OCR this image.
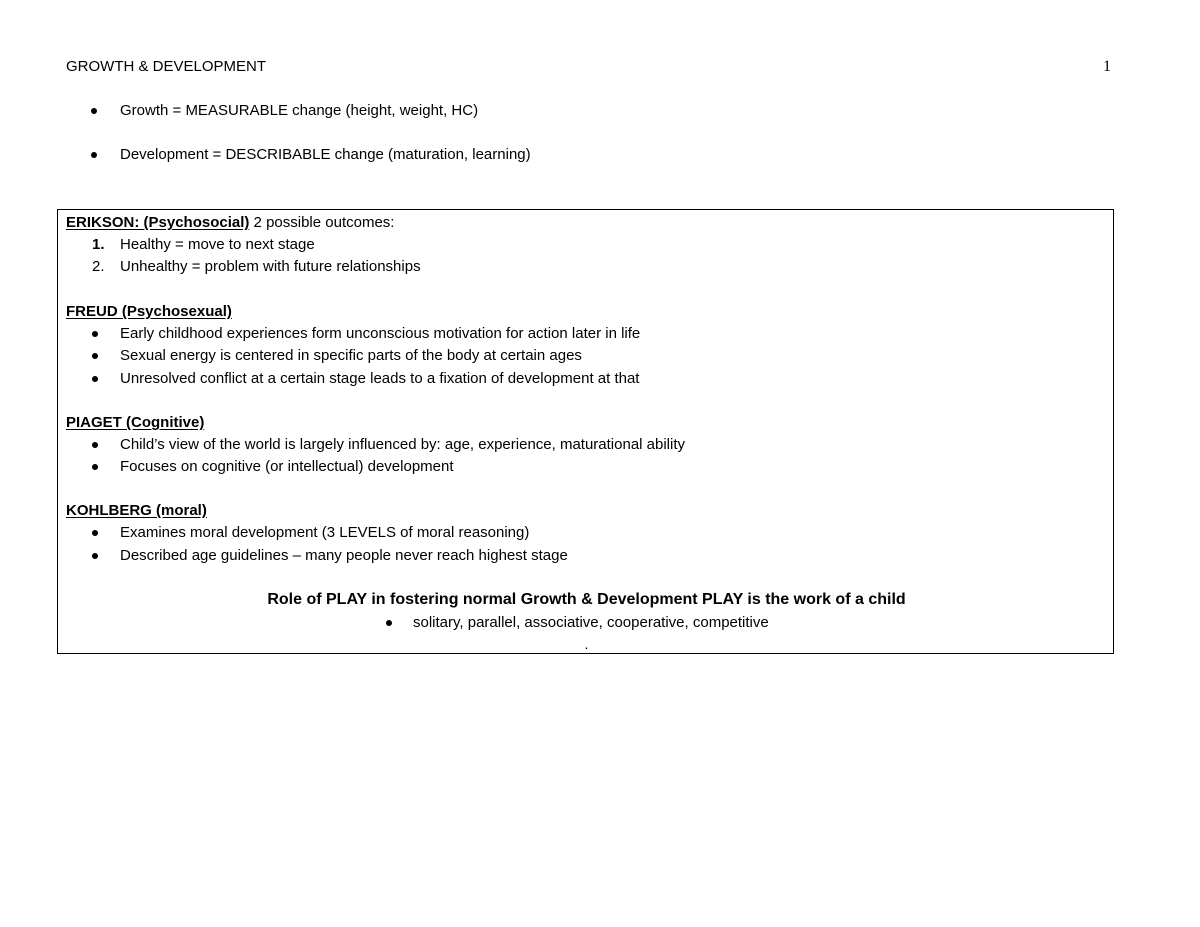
GROWTH & DEVELOPMENT	1
Growth = MEASURABLE change (height, weight, HC)
Development = DESCRIBABLE change (maturation, learning)
ERIKSON: (Psychosocial) 2 possible outcomes:
1. Healthy = move to next stage
2. Unhealthy = problem with future relationships
FREUD (Psychosexual)
Early childhood experiences form unconscious motivation for action later in life
Sexual energy is centered in specific parts of the body at certain ages
Unresolved conflict at a certain stage leads to a fixation of development at that
PIAGET (Cognitive)
Child’s view of the world is largely influenced by: age, experience, maturational ability
Focuses on cognitive (or intellectual) development
KOHLBERG (moral)
Examines moral development (3 LEVELS of moral reasoning)
Described age guidelines – many people never reach highest stage
Role of PLAY in fostering normal Growth & Development PLAY is the work of a child
solitary, parallel, associative, cooperative, competitive
.
